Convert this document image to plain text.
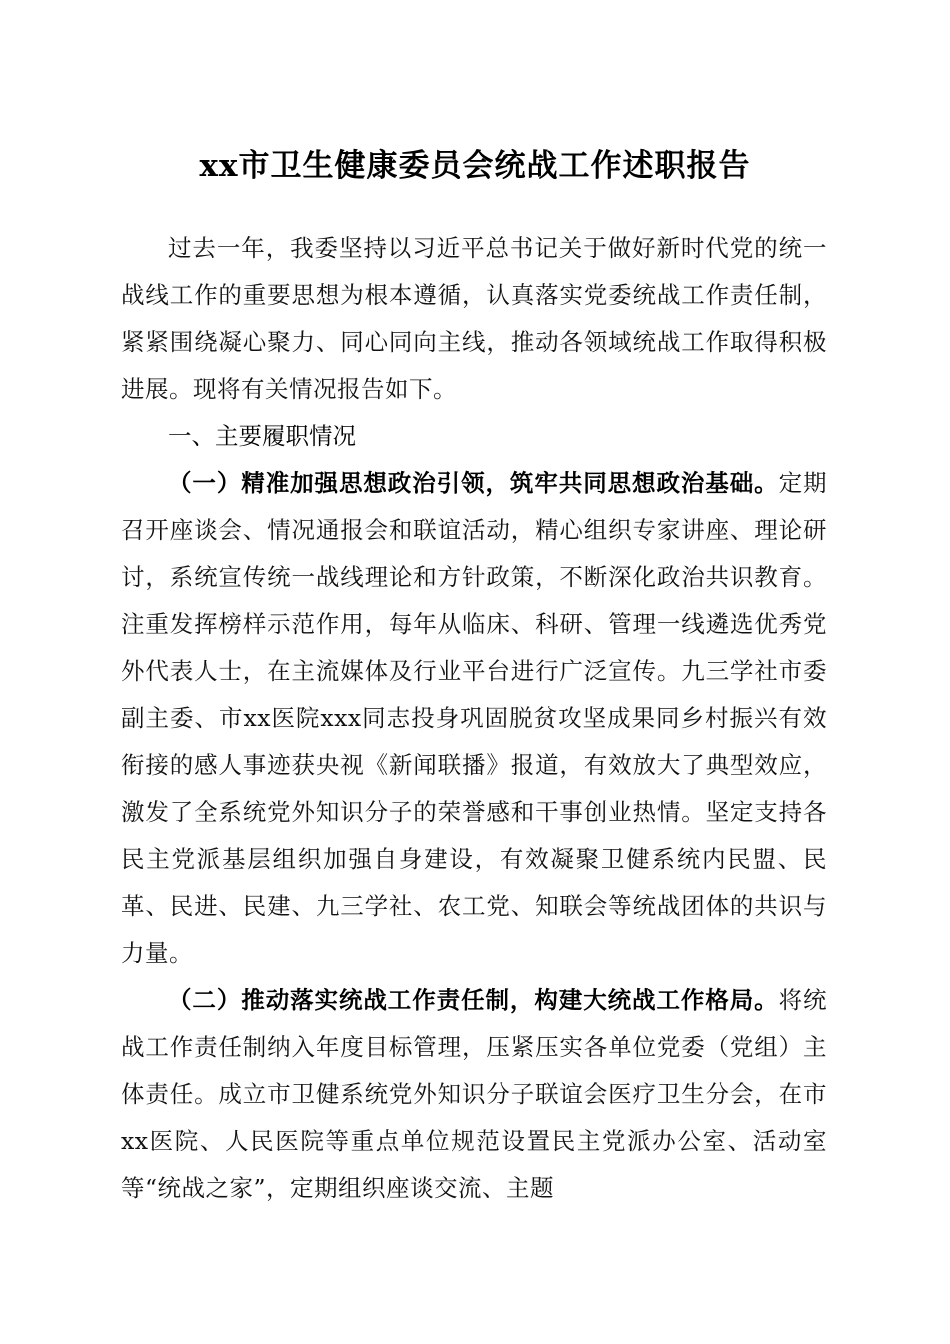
xx市卫生健康委员会统战工作述职报告

过去一年，我委坚持以习近平总书记关于做好新时代党的统一战线工作的重要思想为根本遵循，认真落实党委统战工作责任制，紧紧围绕凝心聚力、同心同向主线，推动各领域统战工作取得积极进展。现将有关情况报告如下。

一、主要履职情况

（一）精准加强思想政治引领，筑牢共同思想政治基础。定期召开座谈会、情况通报会和联谊活动，精心组织专家讲座、理论研讨，系统宣传统一战线理论和方针政策，不断深化政治共识教育。注重发挥榜样示范作用，每年从临床、科研、管理一线遴选优秀党外代表人士，在主流媒体及行业平台进行广泛宣传。九三学社市委副主委、市xx医院xxx同志投身巩固脱贫攻坚成果同乡村振兴有效衔接的感人事迹获央视《新闻联播》报道，有效放大了典型效应，激发了全系统党外知识分子的荣誉感和干事创业热情。坚定支持各民主党派基层组织加强自身建设，有效凝聚卫健系统内民盟、民革、民进、民建、九三学社、农工党、知联会等统战团体的共识与力量。

（二）推动落实统战工作责任制，构建大统战工作格局。将统战工作责任制纳入年度目标管理，压紧压实各单位党委（党组）主体责任。成立市卫健系统党外知识分子联谊会医疗卫生分会，在市xx医院、人民医院等重点单位规范设置民主党派办公室、活动室等“统战之家”，定期组织座谈交流、主题
